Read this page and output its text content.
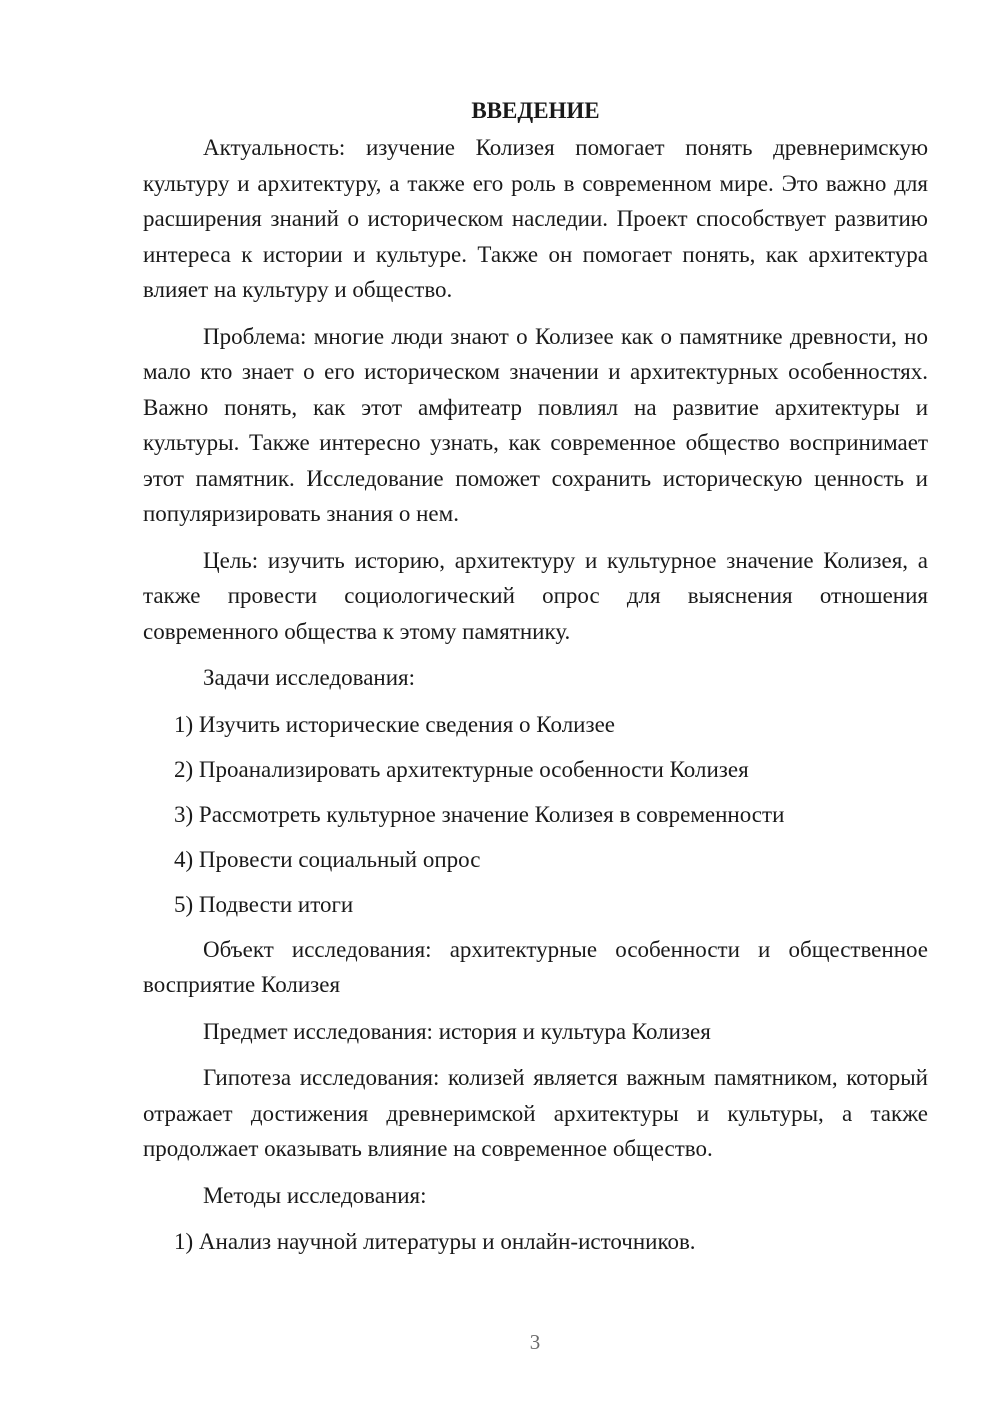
ВВЕДЕНИЕ

Актуальность: изучение Колизея помогает понять древнеримскую культуру и архитектуру, а также его роль в современном мире. Это важно для расширения знаний о историческом наследии. Проект способствует развитию интереса к истории и культуре. Также он помогает понять, как архитектура влияет на культуру и общество.

Проблема: многие люди знают о Колизее как о памятнике древности, но мало кто знает о его историческом значении и архитектурных особенностях. Важно понять, как этот амфитеатр повлиял на развитие архитектуры и культуры. Также интересно узнать, как современное общество воспринимает этот памятник. Исследование поможет сохранить историческую ценность и популяризировать знания о нем.

Цель: изучить историю, архитектуру и культурное значение Колизея, а также провести социологический опрос для выяснения отношения современного общества к этому памятнику.

Задачи исследования:

1) Изучить исторические сведения о Колизее
2) Проанализировать архитектурные особенности Колизея
3) Рассмотреть культурное значение Колизея в современности
4) Провести социальный опрос
5) Подвести итоги

Объект исследования: архитектурные особенности и общественное восприятие Колизея

Предмет исследования: история и культура Колизея

Гипотеза исследования: колизей является важным памятником, который отражает достижения древнеримской архитектуры и культуры, а также продолжает оказывать влияние на современное общество.

Методы исследования:

1) Анализ научной литературы и онлайн-источников.
3
